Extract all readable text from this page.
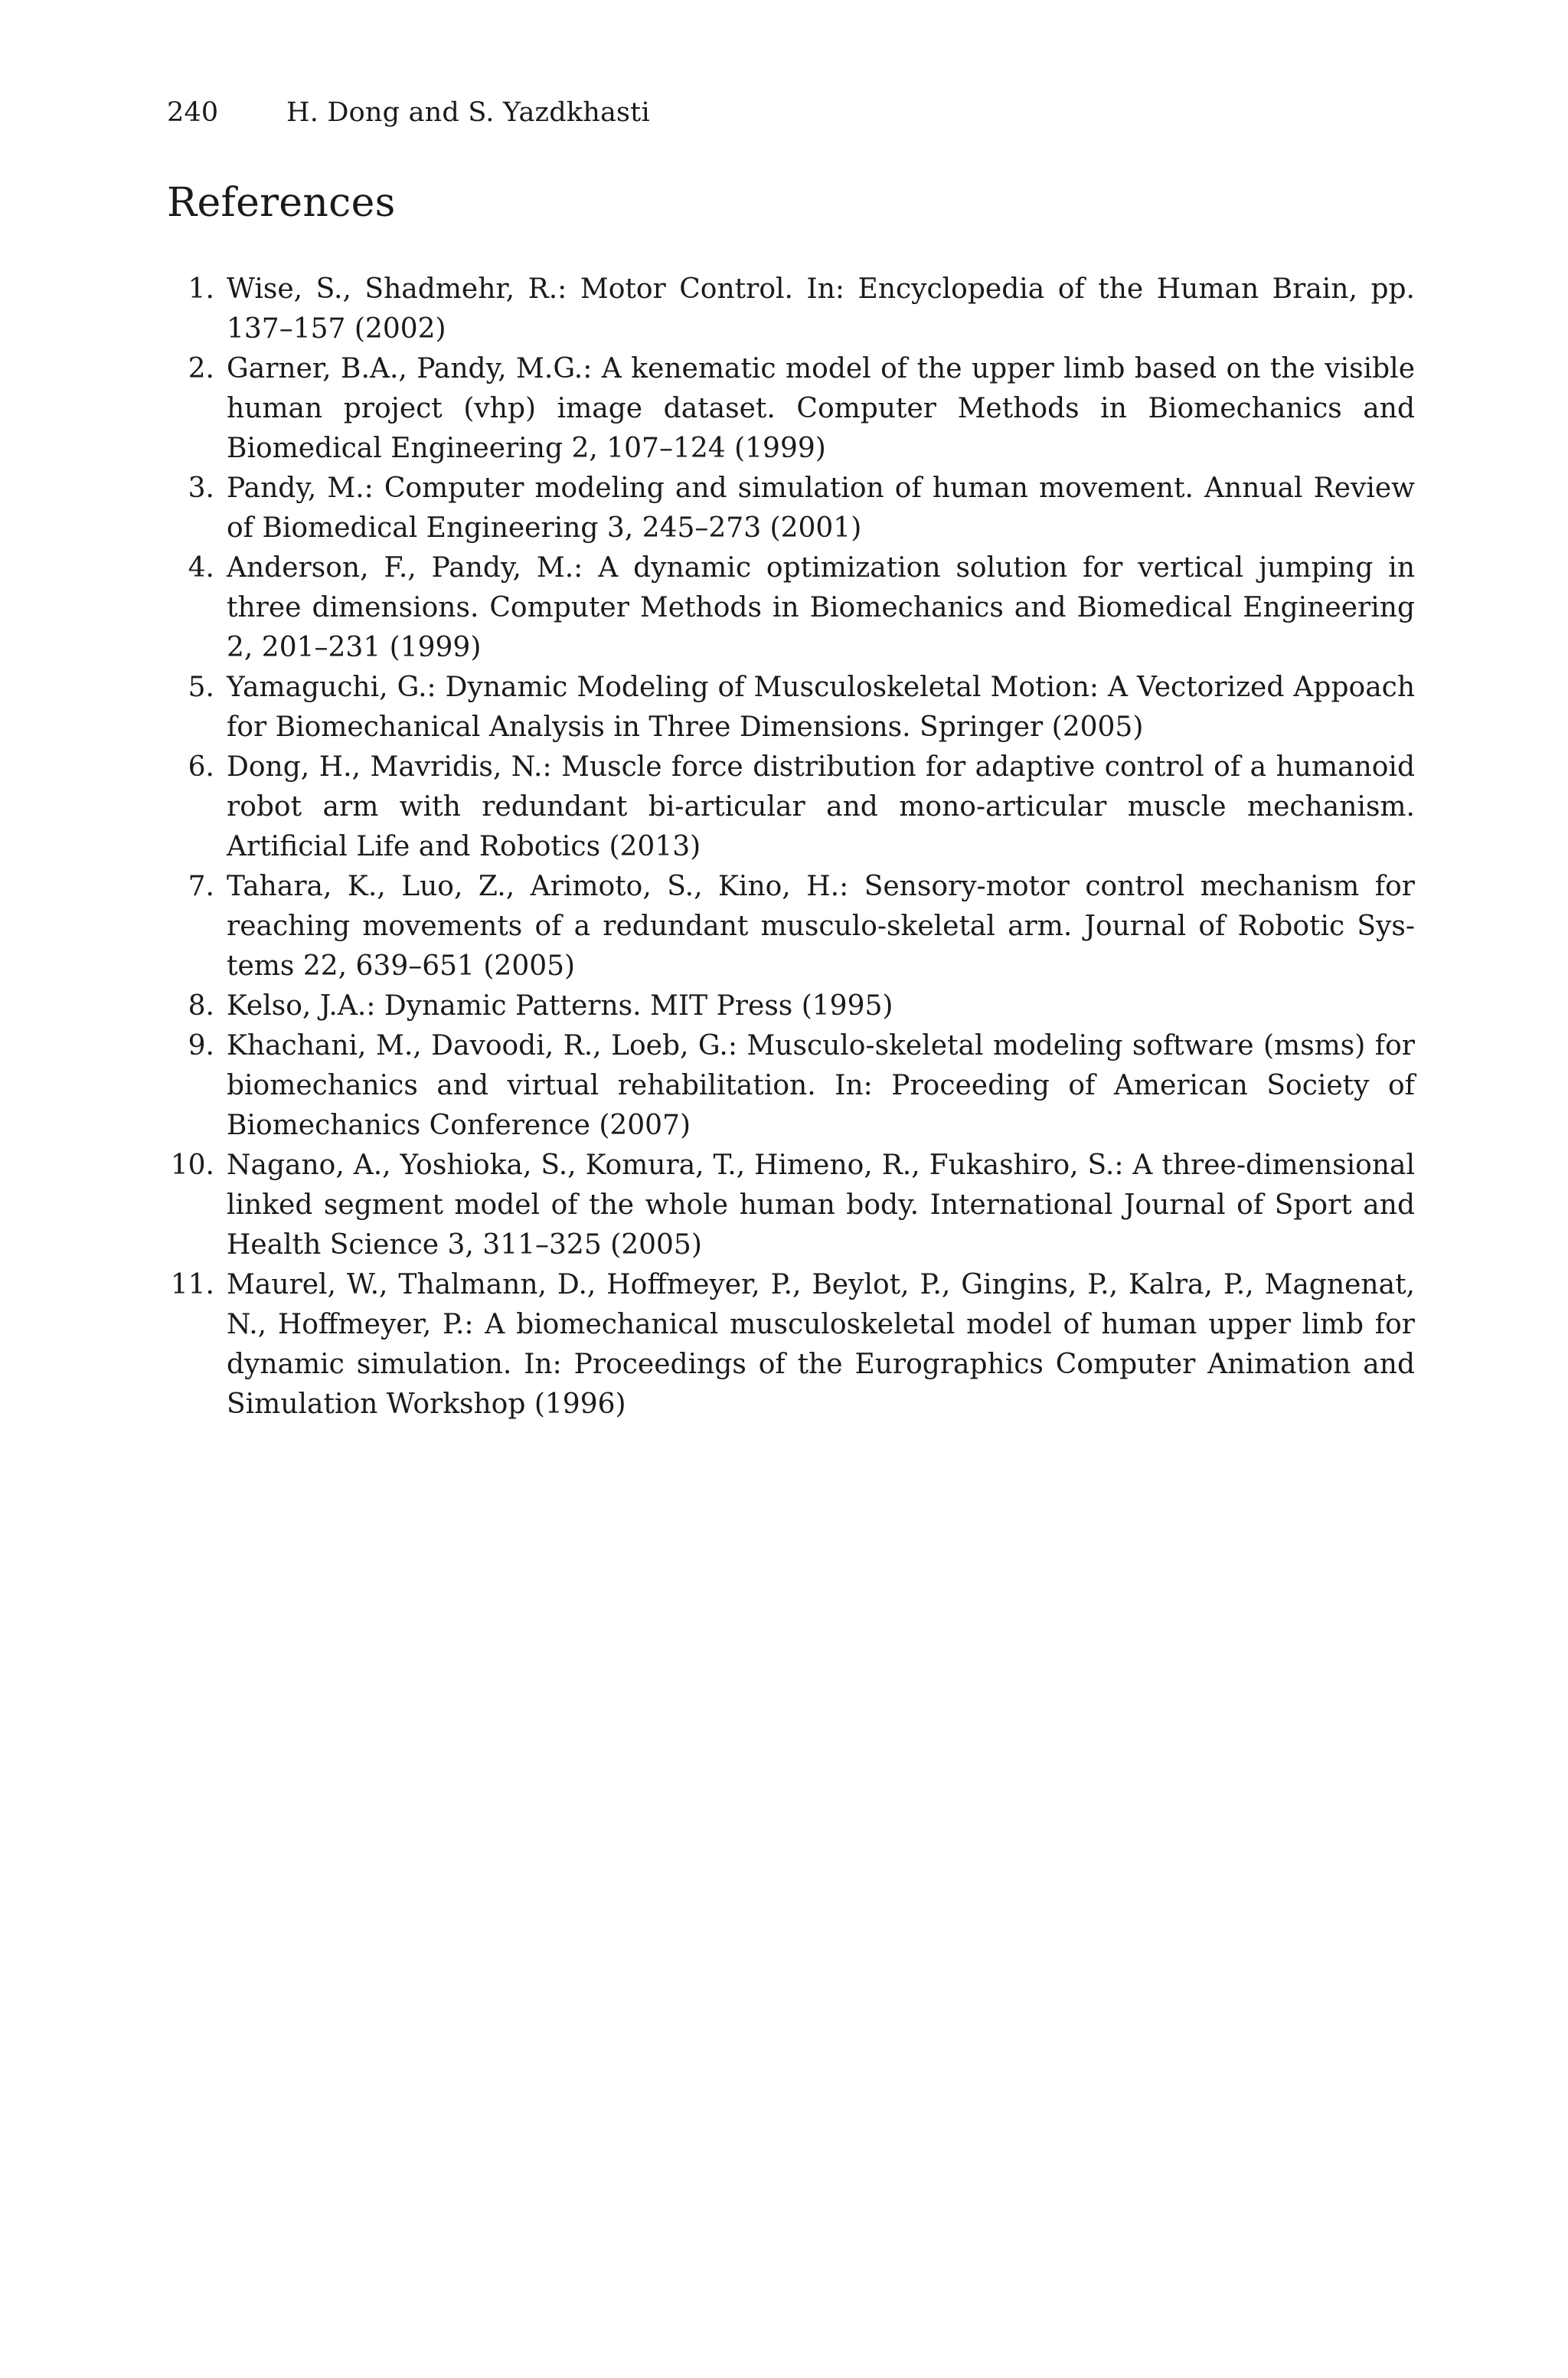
240	H. Dong and S. Yazdkhasti
References
1. Wise, S., Shadmehr, R.: Motor Control. In: Encyclopedia of the Human Brain, pp. 137–157 (2002)
2. Garner, B.A., Pandy, M.G.: A kenematic model of the upper limb based on the visible human project (vhp) image dataset. Computer Methods in Biomechanics and Biomedical Engineering 2, 107–124 (1999)
3. Pandy, M.: Computer modeling and simulation of human movement. Annual Review of Biomedical Engineering 3, 245–273 (2001)
4. Anderson, F., Pandy, M.: A dynamic optimization solution for vertical jumping in three dimensions. Computer Methods in Biomechanics and Biomedical Engineering 2, 201–231 (1999)
5. Yamaguchi, G.: Dynamic Modeling of Musculoskeletal Motion: A Vectorized Appoach for Biomechanical Analysis in Three Dimensions. Springer (2005)
6. Dong, H., Mavridis, N.: Muscle force distribution for adaptive control of a humanoid robot arm with redundant bi-articular and mono-articular muscle mechanism. Artificial Life and Robotics (2013)
7. Tahara, K., Luo, Z., Arimoto, S., Kino, H.: Sensory-motor control mechanism for reaching movements of a redundant musculo-skeletal arm. Journal of Robotic Systems 22, 639–651 (2005)
8. Kelso, J.A.: Dynamic Patterns. MIT Press (1995)
9. Khachani, M., Davoodi, R., Loeb, G.: Musculo-skeletal modeling software (msms) for biomechanics and virtual rehabilitation. In: Proceeding of American Society of Biomechanics Conference (2007)
10. Nagano, A., Yoshioka, S., Komura, T., Himeno, R., Fukashiro, S.: A three-dimensional linked segment model of the whole human body. International Journal of Sport and Health Science 3, 311–325 (2005)
11. Maurel, W., Thalmann, D., Hoffmeyer, P., Beylot, P., Gingins, P., Kalra, P., Magnenat, N., Hoffmeyer, P.: A biomechanical musculoskeletal model of human upper limb for dynamic simulation. In: Proceedings of the Eurographics Computer Animation and Simulation Workshop (1996)
